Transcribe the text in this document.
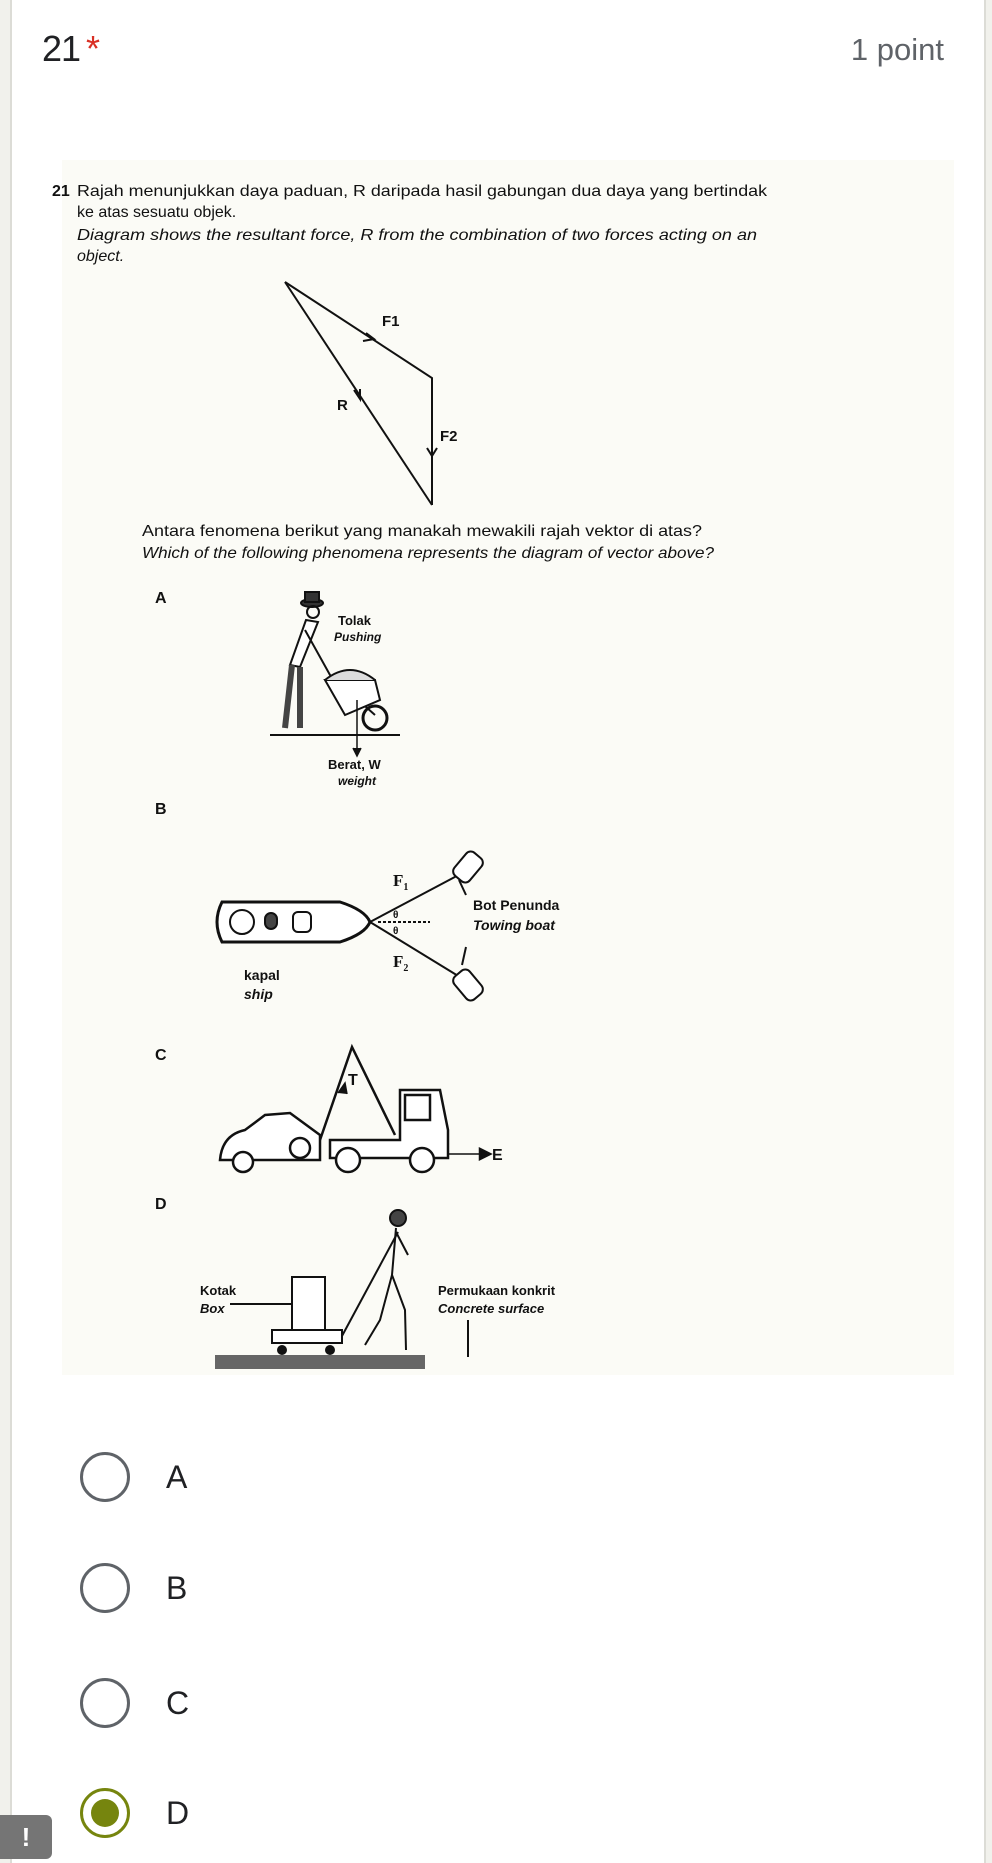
21 *	1 point
21 Rajah menunjukkan daya paduan, R daripada hasil gabungan dua daya yang bertindak
ke atas sesuatu objek.
Diagram shows the resultant force, R from the combination of two forces acting on an
object.
F1
R
F2
Antara fenomena berikut yang manakah mewakili rajah vektor di atas?
Which of the following phenomena represents the diagram of vector above?
A
Tolak
Pushing
Berat, W
weight
B
$F_1$
$F_2$
θ
θ
Bot Penunda
Towing boat
kapal
ship
C
T
E
D
Kotak
Box
Permukaan konkrit
Concrete surface
A
B
C
D
!
